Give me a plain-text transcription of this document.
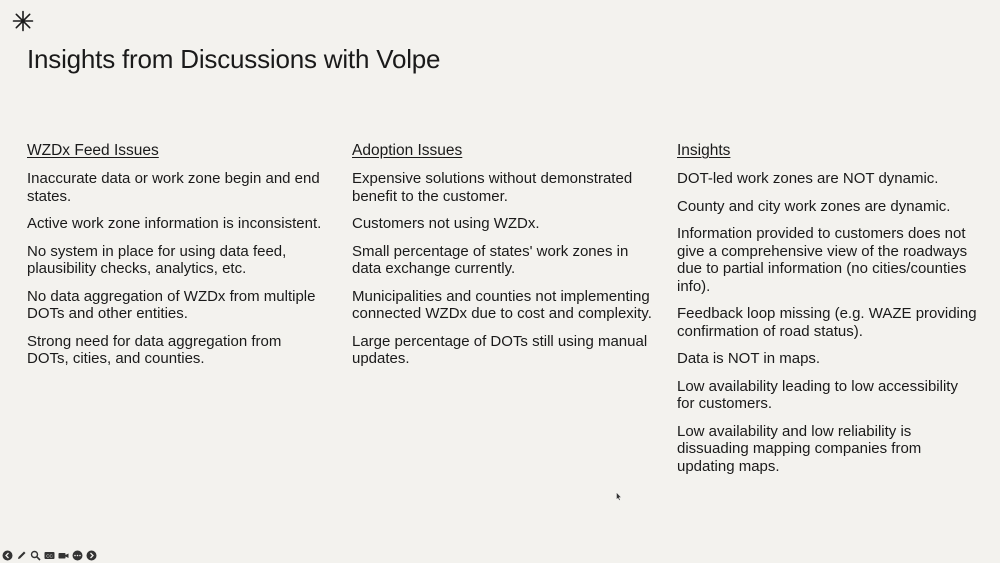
Insights from Discussions with Volpe

WZDx Feed Issues

Inaccurate data or work zone begin and end states.

Active work zone information is inconsistent.

No system in place for using data feed, plausibility checks, analytics, etc.

No data aggregation of WZDx from multiple DOTs and other entities.

Strong need for data aggregation from DOTs, cities, and counties.

Adoption Issues

Expensive solutions without demonstrated benefit to the customer.

Customers not using WZDx.

Small percentage of states' work zones in data exchange currently.

Municipalities and counties not implementing connected WZDx due to cost and complexity.

Large percentage of DOTs still using manual updates.

Insights

DOT-led work zones are NOT dynamic.

County and city work zones are dynamic.

Information provided to customers does not give a comprehensive view of the roadways due to partial information (no cities/counties info).

Feedback loop missing (e.g. WAZE providing confirmation of road status).

Data is NOT in maps.

Low availability leading to low accessibility for customers.

Low availability and low reliability is dissuading mapping companies from updating maps.

CC
